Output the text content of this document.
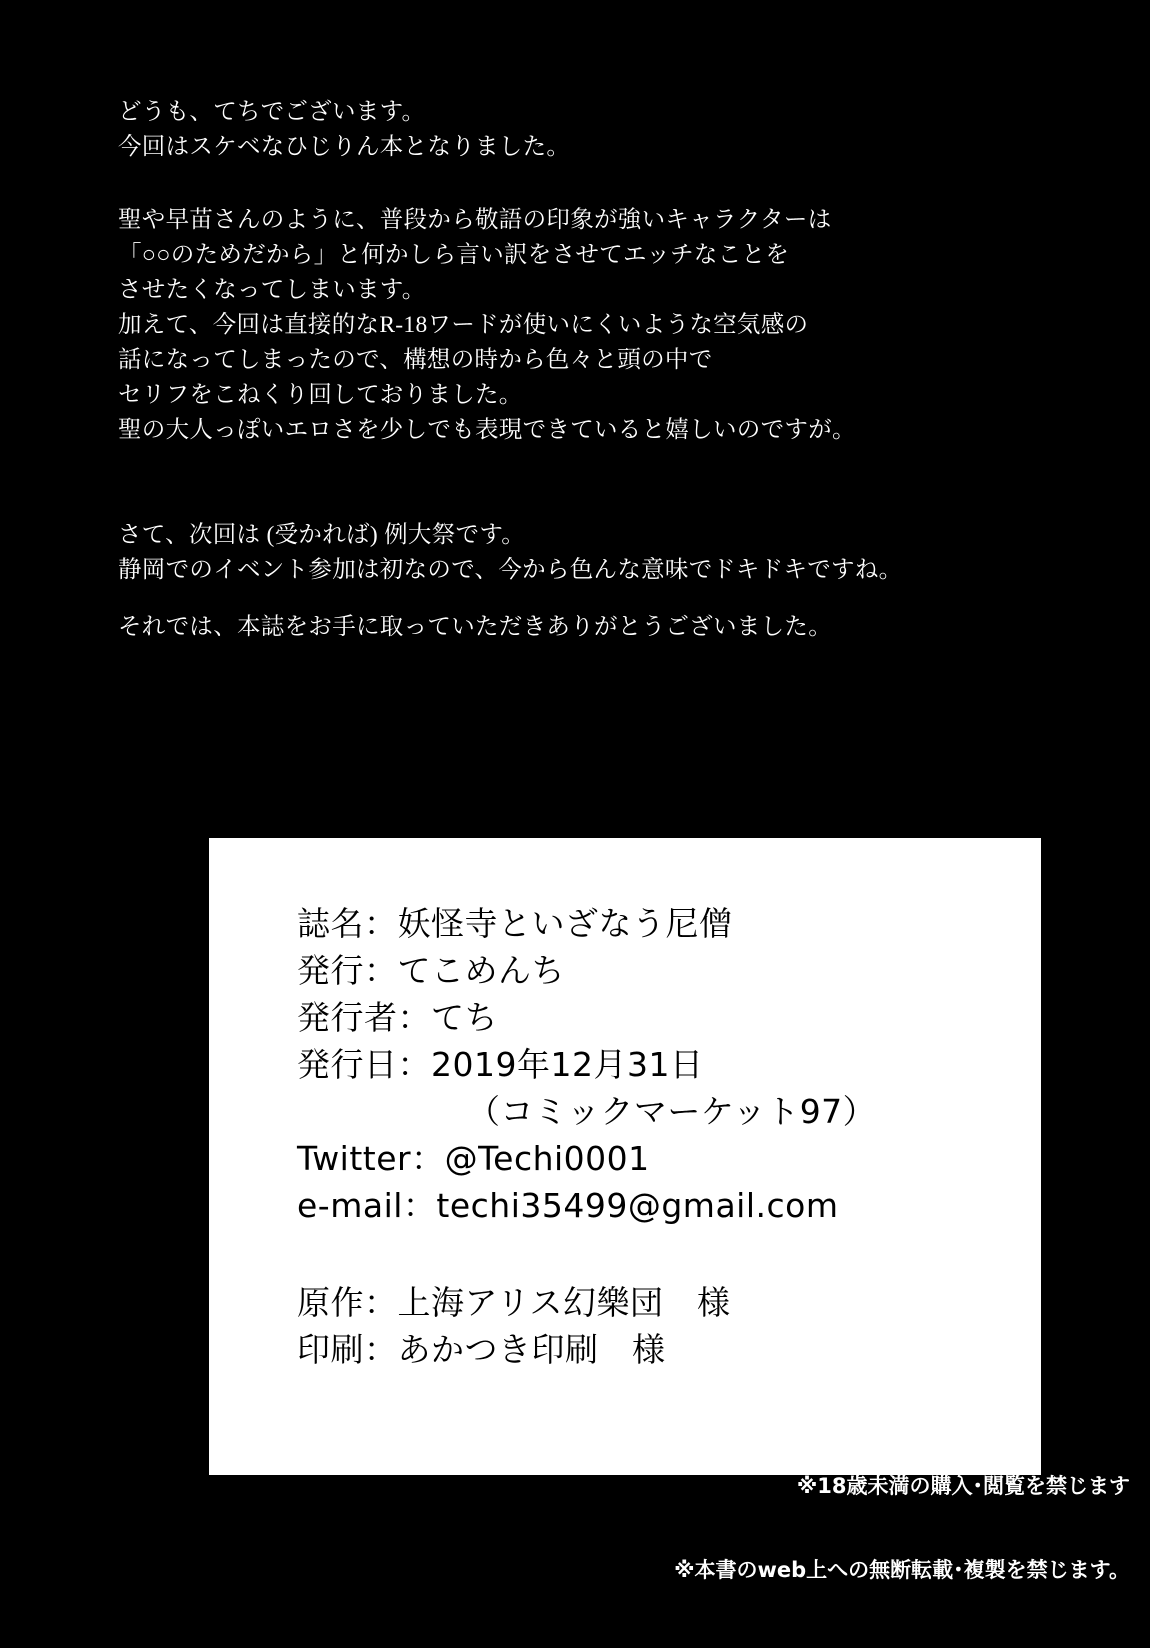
どうも、てちでございます。
今回はスケベなひじりん本となりました。
聖や早苗さんのように、普段から敬語の印象が強いキャラクターは
「○○のためだから」と何かしら言い訳をさせてエッチなことを
させたくなってしまいます。
加えて、今回は直接的なR-18ワードが使いにくいような空気感の
話になってしまったので、構想の時から色々と頭の中で
セリフをこねくり回しておりました。
聖の大人っぽいエロさを少しでも表現できていると嬉しいのですが。
さて、次回は (受かれば) 例大祭です。
静岡でのイベント参加は初なので、今から色んな意味でドキドキですね。
それでは、本誌をお手に取っていただきありがとうございました。
誌名：妖怪寺といざなう尼僧
発行：てこめんち
発行者：てち
発行日：2019年12月31日
（コミックマーケット97）
Twitter：@Techi0001
e-mail：techi35499@gmail.com
原作：上海アリス幻樂団　様
印刷：あかつき印刷　様

※18歳未満の購入･閲覧を禁じます

※本書のweb上への無断転載･複製を禁じます。
